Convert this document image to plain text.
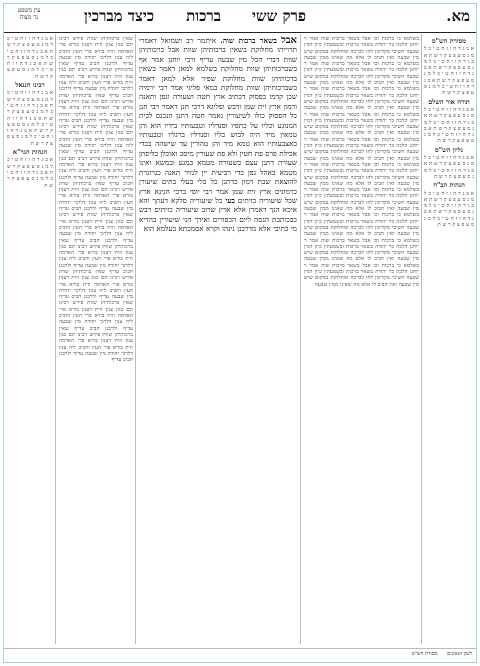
מא.
ברכות פרק ששי
כיצד מברכין
עין משפט
נר מצוה
מסורת הש"ס
א ב ג ד ה ו ז ח ט י כ ל מ נ ס ע פ צ ק ר ש ת א ב ג ד ה ו ז ח ט י כ ל מ נ ס ע פ צ ק ר ש ת א ב ג ד ה ו ז ח ט י כ ל מ נ ס ע פ צ ק ר ש ת א ב ג ד ה ו ז ח ט י כ ל מ נ ס ע פ צ ק ר ש ת
תורה אור השלם
א ב ג ד ה ו ז ח ט י כ ל מ נ ס ע פ צ ק ר ש ת א ב ג ד ה ו ז ח ט י כ ל מ נ ס ע פ צ ק ר ש ת א ב ג ד ה ו ז ח ט י כ ל מ נ ס ע פ צ ק ר ש ת
גליון הש"ס
א ב ג ד ה ו ז ח ט י כ ל מ נ ס ע פ צ ק ר ש ת א ב ג ד ה ו ז ח ט י כ ל מ נ ס ע פ צ ק ר ש ת
הגהות הב"ח
א ב ג ד ה ו ז ח ט י כ ל מ נ ס ע פ צ ק ר ש ת א ב ג ד ה ו ז ח ט י כ ל מ נ ס ע פ צ ק ר ש ת א ב ג ד ה ו ז ח ט י כ ל מ נ ס ע פ צ ק ר ש ת
בשלמא כי ברכות וכו אבל בשאר ברכות שוה אמר ר יוחנן הלכה כר יהודה בשאר ברכות ובשמעתין כיון דמין שבעה חשיבי מקדימן להו לברכה ומחלוקת במקום שיש מין שבעה ואין חביב לו אלא מה שאינו ממין שבעה בשלמא כי ברכות וכו אבל בשאר ברכות שוה אמר ר יוחנן הלכה כר יהודה בשאר ברכות ובשמעתין כיון דמין שבעה חשיבי מקדימן להו לברכה ומחלוקת במקום שיש מין שבעה ואין חביב לו אלא מה שאינו ממין שבעה בשלמא כי ברכות וכו אבל בשאר ברכות שוה אמר ר יוחנן הלכה כר יהודה בשאר ברכות ובשמעתין כיון דמין שבעה חשיבי מקדימן להו לברכה ומחלוקת במקום שיש מין שבעה ואין חביב לו אלא מה שאינו ממין שבעה בשלמא כי ברכות וכו אבל בשאר ברכות שוה אמר ר יוחנן הלכה כר יהודה בשאר ברכות ובשמעתין כיון דמין שבעה חשיבי מקדימן להו לברכה ומחלוקת במקום שיש מין שבעה ואין חביב לו אלא מה שאינו ממין שבעה בשלמא כי ברכות וכו אבל בשאר ברכות שוה אמר ר יוחנן הלכה כר יהודה בשאר ברכות ובשמעתין כיון דמין שבעה חשיבי מקדימן להו לברכה ומחלוקת במקום שיש מין שבעה ואין חביב לו אלא מה שאינו ממין שבעה בשלמא כי ברכות וכו אבל בשאר ברכות שוה אמר ר יוחנן הלכה כר יהודה בשאר ברכות ובשמעתין כיון דמין שבעה חשיבי מקדימן להו לברכה ומחלוקת במקום שיש מין שבעה ואין חביב לו אלא מה שאינו ממין שבעה בשלמא כי ברכות וכו אבל בשאר ברכות שוה אמר ר יוחנן הלכה כר יהודה בשאר ברכות ובשמעתין כיון דמין שבעה חשיבי מקדימן להו לברכה ומחלוקת במקום שיש מין שבעה ואין חביב לו אלא מה שאינו ממין שבעה בשלמא כי ברכות וכו אבל בשאר ברכות שוה אמר ר יוחנן הלכה כר יהודה בשאר ברכות ובשמעתין כיון דמין שבעה חשיבי מקדימן להו לברכה ומחלוקת במקום שיש מין שבעה ואין חביב לו אלא מה שאינו ממין שבעה בשלמא כי ברכות וכו אבל בשאר ברכות שוה אמר ר יוחנן הלכה כר יהודה בשאר ברכות ובשמעתין כיון דמין שבעה חשיבי מקדימן להו לברכה ומחלוקת במקום שיש מין שבעה ואין חביב לו אלא מה שאינו ממין שבעה בשלמא כי ברכות וכו אבל בשאר ברכות שוה אמר ר יוחנן הלכה כר יהודה בשאר ברכות ובשמעתין כיון דמין שבעה חשיבי מקדימן להו לברכה ומחלוקת במקום שיש מין שבעה ואין חביב לו אלא מה שאינו ממין שבעה
אבל בשאר ברכות שוה. איתמר רב ושמואל דאמרי תרוייהו מחלוקת בשאין ברכותיהן שוות אבל ברכותיהן שוות דברי הכל מין שבעה עדיף ורבי יוחנן אמר אף בשברכותיהן שוות מחלוקת בשלמא למאן דאמר בשאין ברכותיהן שוות מחלוקת שפיר אלא למאן דאמר בשברכותיהן שוות מחלוקת במאי פליגי אמר רבי ירמיה שכן קדמו בפסוק דכתיב ארץ חטה ושעורה וגפן ותאנה ורמון ארץ זית שמן ודבש ופליגא דרבי חנן דאמר רבי חנן כל הפסוק כולו לשיעורין נאמר חטה דתנן הנכנס לבית המנוגע וכליו על כתפיו וסנדליו וטבעותיו בידיו הוא והן טמאין מיד היה לבוש כליו וסנדליו ברגליו וטבעותיו באצבעותיו הוא טמא מיד והן טהורין עד שישהה בכדי אכילת פרס פת חטין ולא פת שעורין מיסב ואוכלן בליפתן שעורה דתנן עצם כשעורה מטמא במגע ובמשא ואינו מטמא באהל גפן כדי רביעית יין לנזיר תאנה כגרוגרת להוצאת שבת רמון כדתנן כל כלי בעלי בתים שיעורן כרמונים ארץ זית שמן אמר רבי יוסי ברבי חנינא ארץ שכל שיעוריה כזיתים בעי כל שיעוריה סלקא דעתך והא איכא הנך דאמרן אלא ארץ שרוב שיעוריה כזיתים דבש כככותבת הגסה ליום הכפורים ואידך הני שיעורין בהדיא מי כתיבי אלא מדרבנן נינהו וקרא אסמכתא בעלמא הוא
שאין ברכותיהן שוות פירש רבינו תם כגון צנון וזית דצנון בורא פרי האדמה וזית בורא פרי העץ וחביב ליה צנון דלרבי יהודה מין שבעה עדיף ולרבנן חביב עדיף שאין ברכותיהן שוות פירש רבינו תם כגון צנון וזית דצנון בורא פרי האדמה וזית בורא פרי העץ וחביב ליה צנון דלרבי יהודה מין שבעה עדיף ולרבנן חביב עדיף שאין ברכותיהן שוות פירש רבינו תם כגון צנון וזית דצנון בורא פרי האדמה וזית בורא פרי העץ וחביב ליה צנון דלרבי יהודה מין שבעה עדיף ולרבנן חביב עדיף שאין ברכותיהן שוות פירש רבינו תם כגון צנון וזית דצנון בורא פרי האדמה וזית בורא פרי העץ וחביב ליה צנון דלרבי יהודה מין שבעה עדיף ולרבנן חביב עדיף שאין ברכותיהן שוות פירש רבינו תם כגון צנון וזית דצנון בורא פרי האדמה וזית בורא פרי העץ וחביב ליה צנון דלרבי יהודה מין שבעה עדיף ולרבנן חביב עדיף שאין ברכותיהן שוות פירש רבינו תם כגון צנון וזית דצנון בורא פרי האדמה וזית בורא פרי העץ וחביב ליה צנון דלרבי יהודה מין שבעה עדיף ולרבנן חביב עדיף שאין ברכותיהן שוות פירש רבינו תם כגון צנון וזית דצנון בורא פרי האדמה וזית בורא פרי העץ וחביב ליה צנון דלרבי יהודה מין שבעה עדיף ולרבנן חביב עדיף שאין ברכותיהן שוות פירש רבינו תם כגון צנון וזית דצנון בורא פרי האדמה וזית בורא פרי העץ וחביב ליה צנון דלרבי יהודה מין שבעה עדיף ולרבנן חביב עדיף שאין ברכותיהן שוות פירש רבינו תם כגון צנון וזית דצנון בורא פרי האדמה וזית בורא פרי העץ וחביב ליה צנון דלרבי יהודה מין שבעה עדיף ולרבנן חביב עדיף שאין ברכותיהן שוות פירש רבינו תם כגון צנון וזית דצנון בורא פרי האדמה וזית בורא פרי העץ וחביב ליה צנון דלרבי יהודה מין שבעה עדיף ולרבנן חביב עדיף שאין ברכותיהן שוות פירש רבינו תם כגון צנון וזית דצנון בורא פרי האדמה וזית בורא פרי העץ וחביב ליה צנון דלרבי יהודה מין שבעה עדיף ולרבנן חביב עדיף
א ב ג ד ה ו ז ח ט י כ ל מ נ ס ע פ צ ק ר ש ת א ב ג ד ה ו ז ח ט י כ ל מ נ ס ע פ צ ק ר ש ת א ב ג ד ה ו ז ח ט י כ ל מ נ ס ע פ צ ק ר ש ת
רבינו חננאל
א ב ג ד ה ו ז ח ט י כ ל מ נ ס ע פ צ ק ר ש ת א ב ג ד ה ו ז ח ט י כ ל מ נ ס ע פ צ ק ר ש ת א ב ג ד ה ו ז ח ט י כ ל מ נ ס ע פ צ ק ר ש ת א ב ג ד ה ו ז ח ט י כ ל מ נ ס ע פ צ ק ר ש ת
הגהות הגר"א
א ב ג ד ה ו ז ח ט י כ ל מ נ ס ע פ צ ק ר ש ת א ב ג ד ה ו ז ח ט י כ ל מ נ ס ע פ צ ק ר ש ת
לשון הגאונים מסורת הש"ס
